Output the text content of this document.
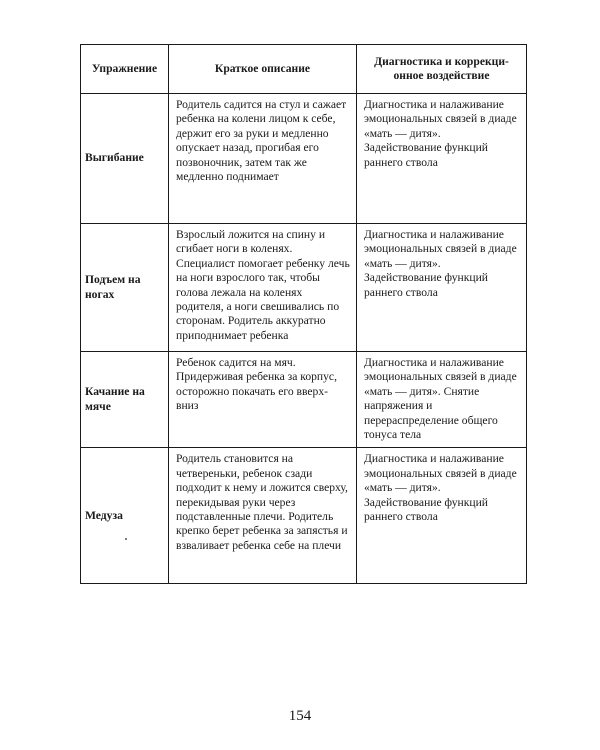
Упражнение	Краткое описание	Диагностика и коррекци-онное воздействие
Выгибание	Родитель садится на стул и сажает ребенка на колени лицом к себе, держит его за руки и медленно опускает назад, прогибая его позвоночник, затем так же медленно поднимает	Диагностика и налаживание эмоциональных связей в диаде «мать — дитя». Задействование функций раннего ствола
Подъем на ногах	Взрослый ложится на спину и сгибает ноги в коленях. Специалист помогает ребенку лечь на ноги взрослого так, чтобы голова лежала на коленях родителя, а ноги свешивались по сторонам. Родитель аккуратно приподнимает ребенка	Диагностика и налаживание эмоциональных связей в диаде «мать — дитя». Задействование функций раннего ствола
Качание на мяче	Ребенок садится на мяч. Придерживая ребенка за корпус, осторожно покачать его вверх-вниз	Диагностика и налаживание эмоциональных связей в диаде «мать — дитя». Снятие напряжения и перераспределение общего тонуса тела
Медуза	Родитель становится на четвереньки, ребенок сзади подходит к нему и ложится сверху, перекидывая руки через подставленные плечи. Родитель крепко берет ребенка за запястья и взваливает ребенка себе на плечи	Диагностика и налаживание эмоциональных связей в диаде «мать — дитя». Задействование функций раннего ствола
154
